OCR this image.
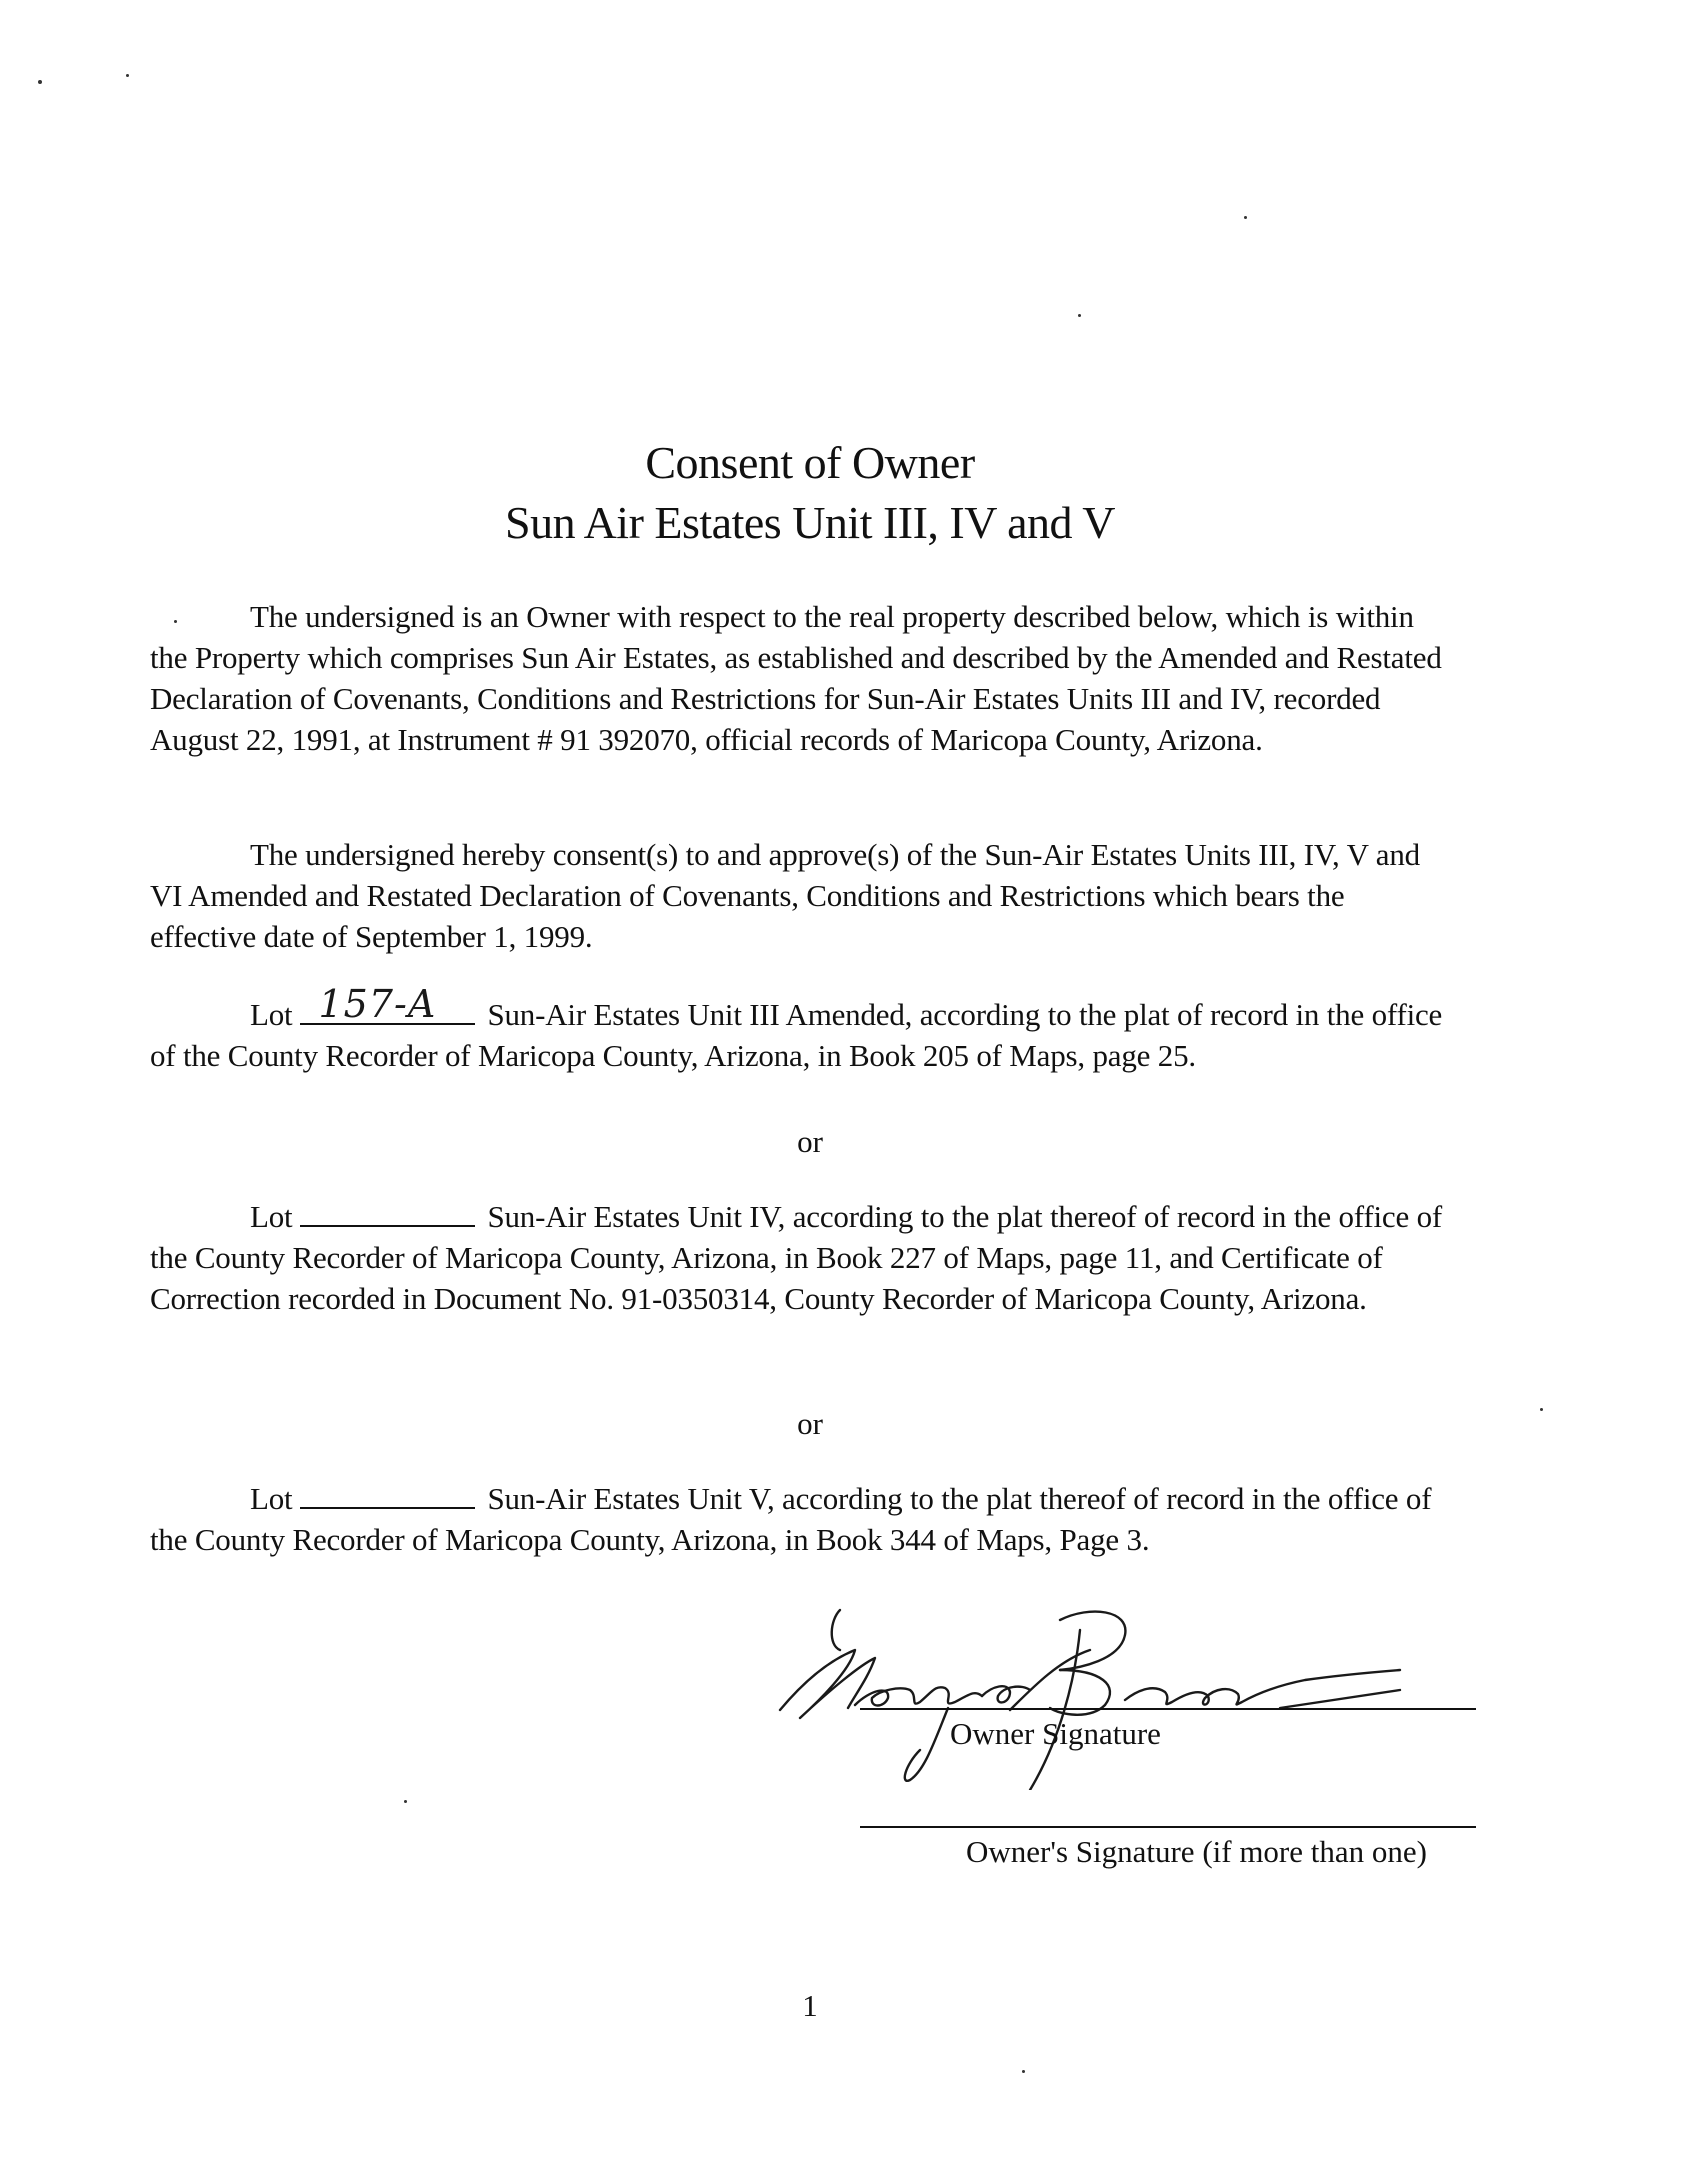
Consent of Owner
Sun Air Estates Unit III, IV and V

The undersigned is an Owner with respect to the real property described below, which is within the Property which comprises Sun Air Estates, as established and described by the Amended and Restated Declaration of Covenants, Conditions and Restrictions for Sun-Air Estates Units III and IV, recorded August 22, 1991, at Instrument # 91 392070, official records of Maricopa County, Arizona.

The undersigned hereby consent(s) to and approve(s) of the Sun-Air Estates Units III, IV, V and VI Amended and Restated Declaration of Covenants, Conditions and Restrictions which bears the effective date of September 1, 1999.

Lot 157-A Sun-Air Estates Unit III Amended, according to the plat of record in the office of the County Recorder of Maricopa County, Arizona, in Book 205 of Maps, page 25.

or

Lot	Sun-Air Estates Unit IV, according to the plat thereof of record in the office of the County Recorder of Maricopa County, Arizona, in Book 227 of Maps, page 11, and Certificate of Correction recorded in Document No. 91-0350314, County Recorder of Maricopa County, Arizona.

or

Lot	Sun-Air Estates Unit V, according to the plat thereof of record in the office of the County Recorder of Maricopa County, Arizona, in Book 344 of Maps, Page 3.

Owner Signature
Owner's Signature (if more than one)
1
